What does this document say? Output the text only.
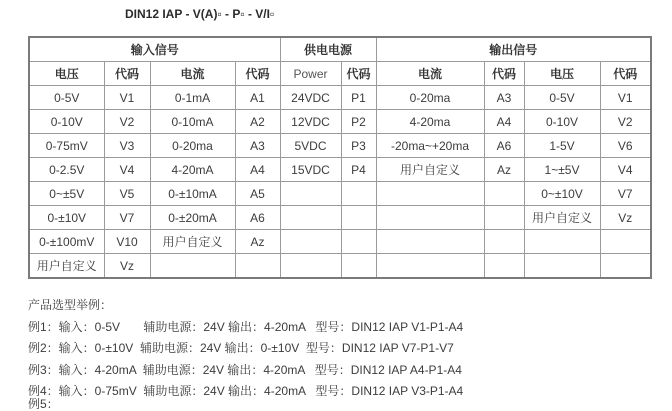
DIN12 IAP - V(A)▫ - P▫ - V/I▫
输入信号				供电电源		输出信号			
电压	代码	电流	代码	Power	代码	电流	代码	电压	代码
0-5V	V1	0-1mA	A1	24VDC	P1	0-20ma	A3	0-5V	V1
0-10V	V2	0-10mA	A2	12VDC	P2	4-20ma	A4	0-10V	V2
0-75mV	V3	0-20ma	A3	5VDC	P3	-20ma~+20ma	A6	1-5V	V6
0-2.5V	V4	4-20mA	A4	15VDC	P4	用户自定义	Az	1~±5V	V4
0~±5V	V5	0-±10mA	A5					0~±10V	V7
0-±10V	V7	0-±20mA	A6					用户自定义	Vz
0-±100mV	V10	用户自定义	Az						
用户自定义	Vz								
产品选型举例：
例1：输入：0-5V       辅助电源：24V 输出：4-20mA   型号：DIN12 IAP V1-P1-A4
例2：输入：0-±10V  辅助电源：24V 输出：0-±10V  型号：DIN12 IAP V7-P1-V7
例3：输入：4-20mA  辅助电源：24V 输出：4-20mA   型号：DIN12 IAP A4-P1-A4
例4：输入：0-75mV  辅助电源：24V 输出：4-20mA   型号：DIN12 IAP V3-P1-A4
例5：
